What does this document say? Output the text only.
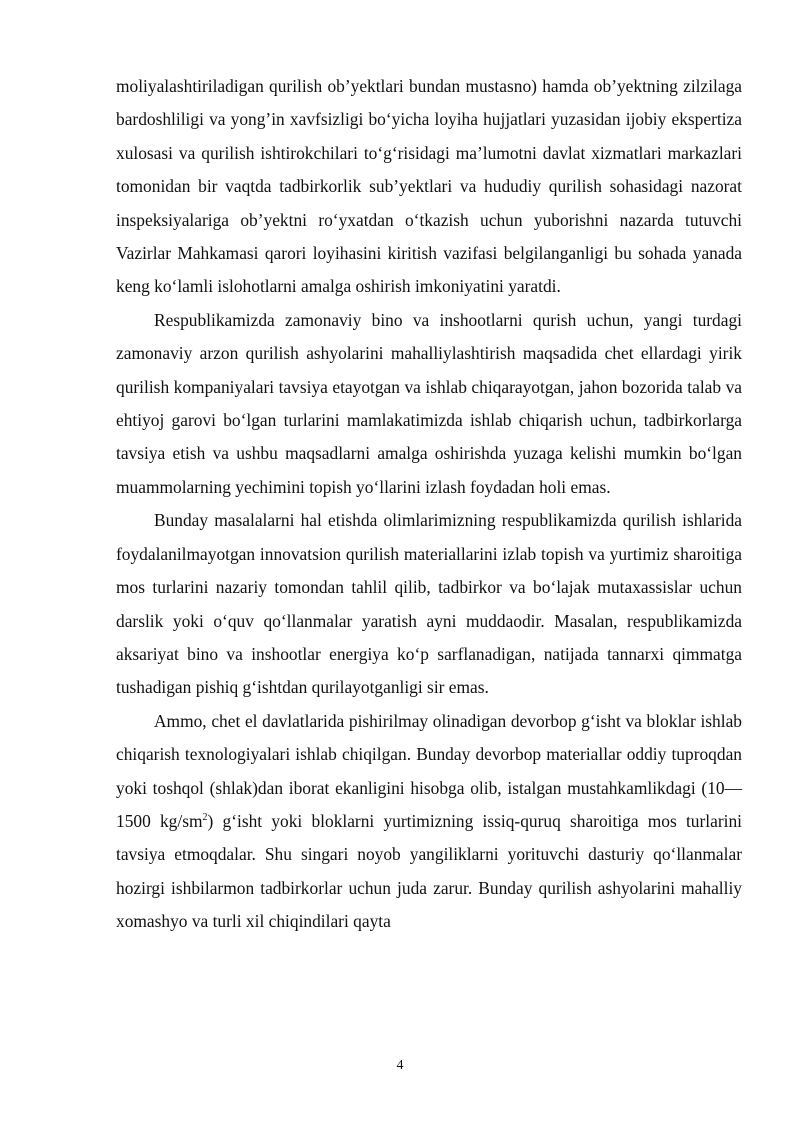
moliyalashtiriladigan qurilish ob’yektlari bundan mustasno) hamda ob’yektning zilzilaga bardoshliligi va yong’in xavfsizligi bo‘yicha loyiha hujjatlari yuzasidan ijobiy ekspertiza xulosasi va qurilish ishtirokchilari to‘g‘risidagi ma’lumotni davlat xizmatlari markazlari tomonidan bir vaqtda tadbirkorlik sub’yektlari va hududiy qurilish sohasidagi nazorat inspeksiyalariga ob’yektni ro‘yxatdan o‘tkazish uchun yuborishni nazarda tutuvchi Vazirlar Mahkamasi qarori loyihasini kiritish vazifasi belgilanganligi bu sohada yanada keng ko‘lamli islohotlarni amalga oshirish imkoniyatini yaratdi.

Respublikamizda zamonaviy bino va inshootlarni qurish uchun, yangi turdagi zamonaviy arzon qurilish ashyolarini mahalliylashtirish maqsadida chet ellardagi yirik qurilish kompaniyalari tavsiya etayotgan va ishlab chiqarayotgan, jahon bozorida talab va ehtiyoj garovi bo‘lgan turlarini mamlakatimizda ishlab chiqarish uchun, tadbirkorlarga tavsiya etish va ushbu maqsadlarni amalga oshirishda yuzaga kelishi mumkin bo‘lgan muammolarning yechimini topish yo‘llarini izlash foydadan holi emas.

Bunday masalalarni hal etishda olimlarimizning respublikamizda qurilish ishlarida foydalanilmayotgan innovatsion qurilish materiallarini izlab topish va yurtimiz sharoitiga mos turlarini nazariy tomondan tahlil qilib, tadbirkor va bo‘lajak mutaxassislar uchun darslik yoki o‘quv qo‘llanmalar yaratish ayni muddaodir. Masalan, respublikamizda aksariyat bino va inshootlar energiya ko‘p sarflanadigan, natijada tannarxi qimmatga tushadigan pishiq g‘ishtdan qurilayotganligi sir emas.

Ammo, chet el davlatlarida pishirilmay olinadigan devorbop g‘isht va bloklar ishlab chiqarish texnologiyalari ishlab chiqilgan. Bunday devorbop materiallar oddiy tuproqdan yoki toshqol (shlak)dan iborat ekanligini hisobga olib, istalgan mustahkamlikdagi (10—1500 $kg/sm^2$) g‘isht yoki bloklarni yurtimizning issiq-quruq sharoitiga mos turlarini tavsiya etmoqdalar. Shu singari noyob yangiliklarni yorituvchi dasturiy qo‘llanmalar hozirgi ishbilarmon tadbirkorlar uchun juda zarur. Bunday qurilish ashyolarini mahalliy xomashyo va turli xil chiqindilari qayta

4
